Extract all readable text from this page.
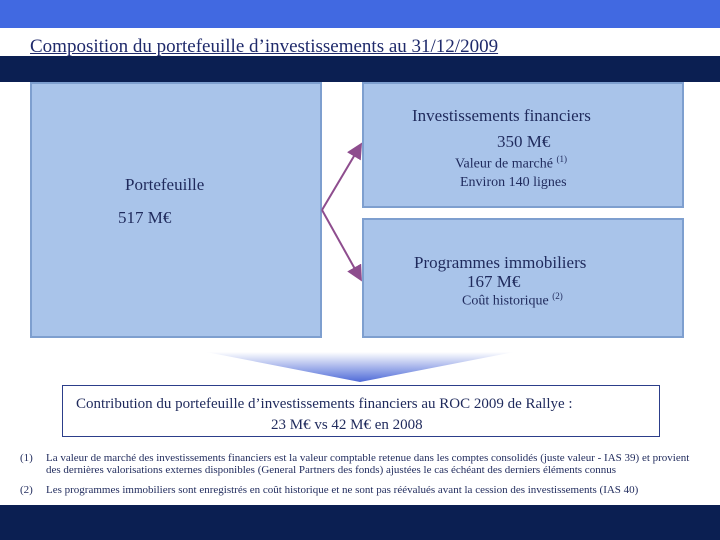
Composition du portefeuille d’investissements au 31/12/2009
Portefeuille
517 M€
Investissements financiers
350 M€
Valeur de marché $^{(1)}$
Environ 140 lignes
Programmes immobiliers
167 M€
Coût historique $^{(2)}$
Contribution du portefeuille d’investissements financiers au ROC 2009 de Rallye :
23 M€ vs 42 M€ en 2008
(1)	La valeur de marché des investissements financiers est la valeur comptable retenue dans les comptes consolidés (juste valeur - IAS 39) et provient des dernières valorisations externes disponibles (General Partners des fonds) ajustées le cas échéant des derniers éléments connus
(2)	Les programmes immobiliers sont enregistrés en coût historique et ne sont pas réévalués avant la cession des investissements (IAS 40)
